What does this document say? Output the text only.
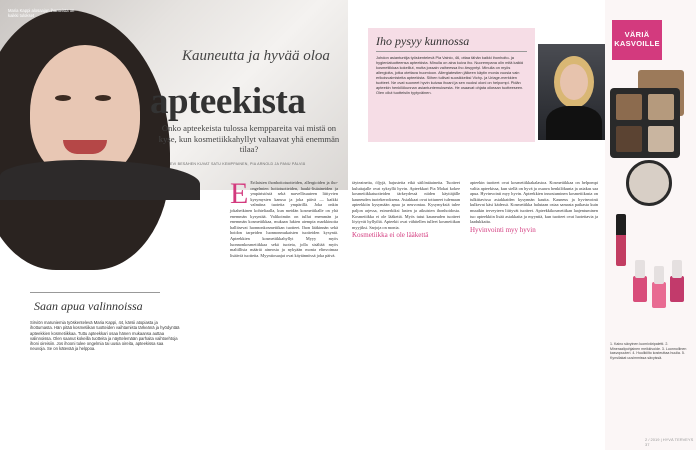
Maria Kappi alosaajan ihanteista on kaikki tulokset
Kauneutta ja hyvää oloa
apteekista
Onko apteekeista tulossa kemppareita vai mistä on kyse, kun kosmetiikkahyllyt valtaavat yhä enemmän tilaa?
EVI BESÄHEN KUVAT SATU KEMPPAINEN, PIA ARNOLD JA PANU PÄLVIÄ
E Erilaisten ihonhoitotuotteiden, allergioiden ja iho-ongelmien hoitotuotteiden, hauki-lisäaineiden ja ympäristöstä sekä narvellisuuteen liittyvien kysymysten kanssa ja joka päivä — kaikki valmiina tuotetta ympärillä. Joka onkin jokahetkinen kohteliaalla, kun meidän kosmetiikalle on yhä enemmän kysyntää. Valikoimiin on tullut enemmän ja enemmän kosmetiikkaa, mukaan lukien aiempia markkinoita hallitsevat luonnonkosmetiikan tuotteet. Ihon lääkinnän sekä hoidon tarpeiden luonnonmukaisten tuotteiden kysyntä. Apteekkien kosmetiikkahyllyt Myyy myös luonnonkosmetiikkaa sekä tuoteta, jolla sisältää myös maltillisia määriä aineosia ja nykyään monia elinvoimaa lisääviä tuotteita. Myyntiosaajat ovat käytännössä joka päivä.
Saan apua valinnoissa
Sirviön maruniemia työskentelevä Maria Kappi, 44, kärsii atopiasta ja ihottumasta. Hän pitää kosmetiikan tuotteiden vaihtamista tärkeänä ja hyödyntää apteekkien kosmetiikkaa. Tuttu apteekkari osaa hänen mukaansa auttaa valinnoissa. Olen saanut kokeilla tuotteita ja näyttelemään parhaita vaihtoehtoja ihoni oireisiin. Jos ihooni tulee ongelmia tai uusia oireita, apteekissa saa neuvoja. Se on kätevää ja helppoa.
Iho pysyy kunnossa
Johdon asiantuntija työskentelevä Pia Vainio, 46, ottaa tähän kaikki ihonhoito- ja hygieniatuotteensa apteekista. Minulla on aina kuiva iho. Nuorempana olin mitä kaikki kosmetiikkaa kokeillut, mutta jossain vaiheessa iho ärsyyntyi. Minulla on myös allergioita, jotka otettava huomioon. Allergiatestien jälkeen käytin monia vuosia vain erikoisvalmisteita apteekista. Siihen tuliivat suosikkeiksi Vichy- ja Uriage-merkkien tuotteet. Ne ovat suoneet hyvin kuivaa ihoani ja sen vuoksi oloni on helpompi. Pidän apteekin henkilökunnan asiantuntemuksesta. He osaavat ohjata oikeaan tuotteeseen. Olen ollut tuotteisiin tyytyväinen.
täyteaineita, öljyjä, hajusteita eikä säilöntäaineita. Tuotteet kuluttajalle ovat syksyllä hyvin. Apteekkari Pia Mokai kokee kosmetiikkatuotteiden tärkeydessä niiden käyttäjälle kauneuden tuotekerroksena. Asiakkaat ovat tottuneet tulemaan apteekkiin kysymään apua ja neuvontaa. Kysymyksiä tulee paljon arjessa, esimerkiksi lasten ja aikuisten ihonhoidosta. Kosmetiikka ei ole lääkettä. Myös tutut kauneuden tuotteet löytyvät hyllyiltä. Apteekit ovat vähitellen tulleet kosmetiikan myyjiksi. Sarjoja on monia.
Kosmetiikka ei ole lääkettä
apteekin tuotteet ovat kosmetiikkakalastoa. Kosmetiikkaa on helpompi valita apteekissa, kun siellä on hyvä ja osaava henkilökunta ja asiakas saa apua. Hyvinvointi myy hyvin. Apteekkien innostuminen kosmetiikasta on tulkittavissa asiakkaiden kysynnän kautta. Kauneus ja hyvinvointi kulkevat käsi kädessä. Kosmetiikka halutaan ostaa samasta paikasta kuin muutkin terveyteen liittyvät tuotteet. Apteekkikosmetiikan laajentuminen tuo apteekkiin lisää asiakkaita ja myyntiä, kun tuotteet ovat luotettavia ja laadukkaita.
Hyvinvointi myy hyvin
VÄRIÄ
KASVOILLE
1. Kaino sävyinen luomiväripaletti. 2. Mineraalipohjainen meikkivoide. 3. Luonnollinen kasvopuuteri. 4. Huulikiilto kosteuttaa huulia. 5. Kynsilakat uusimmissa sävyissä.
2 / 2019 | HYVÄ TERVEYS 37
